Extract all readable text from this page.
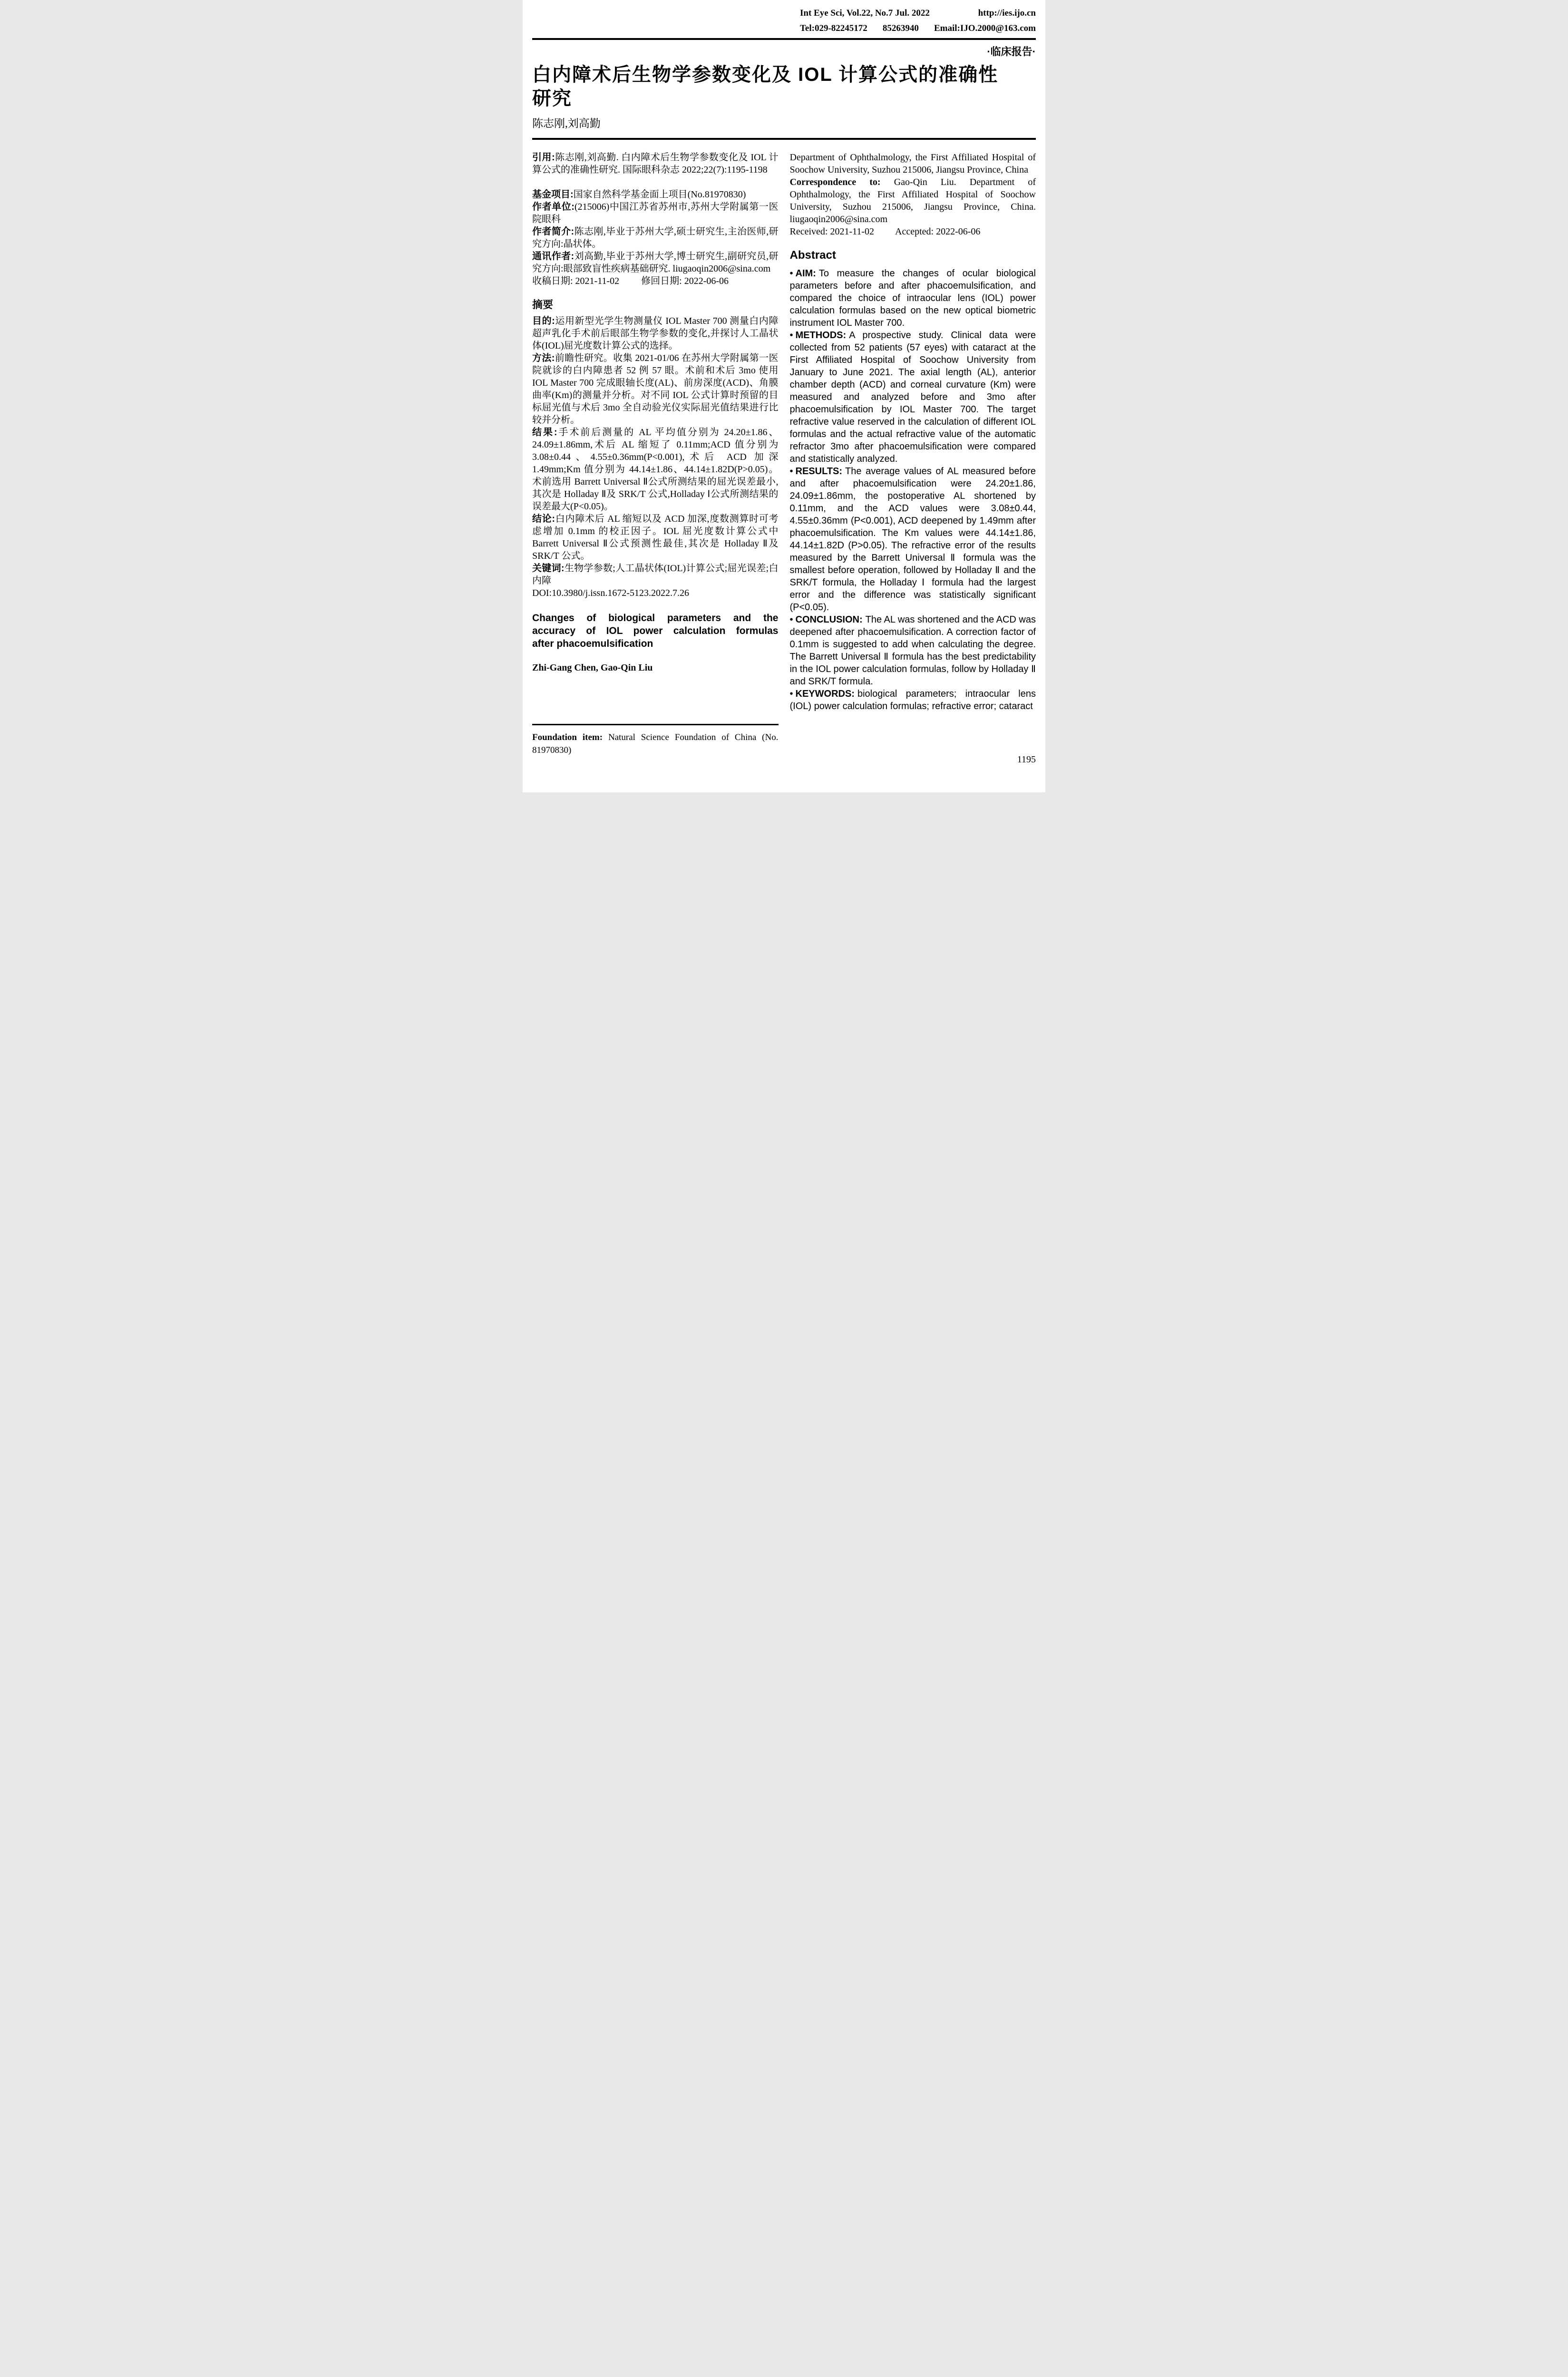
Int Eye Sci, Vol.22, No.7 Jul. 2022	http://ies.ijo.cn
Tel:029-82245172 85263940 Email:IJO.2000@163.com
·临床报告·
白内障术后生物学参数变化及 IOL 计算公式的准确性
研究
陈志刚,刘高勤

引用:陈志刚,刘高勤. 白内障术后生物学参数变化及 IOL 计算公式的准确性研究. 国际眼科杂志 2022;22(7):1195-1198

基金项目:国家自然科学基金面上项目(No.81970830)

作者单位:(215006)中国江苏省苏州市,苏州大学附属第一医院眼科

作者简介:陈志刚,毕业于苏州大学,硕士研究生,主治医师,研究方向:晶状体。

通讯作者:刘高勤,毕业于苏州大学,博士研究生,副研究员,研究方向:眼部致盲性疾病基础研究. liugaoqin2006@sina.com

收稿日期: 2021-11-02 修回日期: 2022-06-06
摘要

目的:运用新型光学生物测量仪 IOL Master 700 测量白内障超声乳化手术前后眼部生物学参数的变化,并探讨人工晶状体(IOL)屈光度数计算公式的选择。

方法:前瞻性研究。收集 2021-01/06 在苏州大学附属第一医院就诊的白内障患者 52 例 57 眼。术前和术后 3mo 使用 IOL Master 700 完成眼轴长度(AL)、前房深度(ACD)、角膜曲率(Km)的测量并分析。对不同 IOL 公式计算时预留的目标屈光值与术后 3mo 全自动验光仪实际屈光值结果进行比较并分析。

结果:手术前后测量的 AL 平均值分别为 24.20±1.86、24.09±1.86mm,术后 AL 缩短了 0.11mm;ACD 值分别为 3.08±0.44、4.55±0.36mm(P<0.001),术后 ACD 加深 1.49mm;Km 值分别为 44.14±1.86、44.14±1.82D(P>0.05)。术前选用 Barrett Universal Ⅱ公式所测结果的屈光误差最小,其次是 Holladay Ⅱ及 SRK/T 公式,Holladay Ⅰ公式所测结果的误差最大(P<0.05)。

结论:白内障术后 AL 缩短以及 ACD 加深,度数测算时可考虑增加 0.1mm 的校正因子。IOL 屈光度数计算公式中 Barrett Universal Ⅱ公式预测性最佳,其次是 Holladay Ⅱ及 SRK/T 公式。

关键词:生物学参数;人工晶状体(IOL)计算公式;屈光误差;白内障

DOI:10.3980/j.issn.1672-5123.2022.7.26
Changes of biological parameters and the
accuracy of IOL power calculation formulas
after phacoemulsification
Zhi-Gang Chen, Gao-Qin Liu

Foundation item: Natural Science Foundation of China (No. 81970830)

Department of Ophthalmology, the First Affiliated Hospital of Soochow University, Suzhou 215006, Jiangsu Province, China

Correspondence to: Gao-Qin Liu. Department of Ophthalmology, the First Affiliated Hospital of Soochow University, Suzhou 215006, Jiangsu Province, China. liugaoqin2006@sina.com

Received: 2021-11-02 Accepted: 2022-06-06
Abstract

• AIM: To measure the changes of ocular biological parameters before and after phacoemulsification, and compared the choice of intraocular lens (IOL) power calculation formulas based on the new optical biometric instrument IOL Master 700.

• METHODS: A prospective study. Clinical data were collected from 52 patients (57 eyes) with cataract at the First Affiliated Hospital of Soochow University from January to June 2021. The axial length (AL), anterior chamber depth (ACD) and corneal curvature (Km) were measured and analyzed before and 3mo after phacoemulsification by IOL Master 700. The target refractive value reserved in the calculation of different IOL formulas and the actual refractive value of the automatic refractor 3mo after phacoemulsification were compared and statistically analyzed.

• RESULTS: The average values of AL measured before and after phacoemulsification were 24.20±1.86, 24.09±1.86mm, the postoperative AL shortened by 0.11mm, and the ACD values were 3.08±0.44, 4.55±0.36mm (P<0.001), ACD deepened by 1.49mm after phacoemulsification. The Km values were 44.14±1.86, 44.14±1.82D (P>0.05). The refractive error of the results measured by the Barrett Universal Ⅱ formula was the smallest before operation, followed by Holladay Ⅱ and the SRK/T formula, the Holladay Ⅰ formula had the largest error and the difference was statistically significant (P<0.05).

• CONCLUSION: The AL was shortened and the ACD was deepened after phacoemulsification. A correction factor of 0.1mm is suggested to add when calculating the degree. The Barrett Universal Ⅱ formula has the best predictability in the IOL power calculation formulas, follow by Holladay Ⅱ and SRK/T formula.

• KEYWORDS: biological parameters; intraocular lens (IOL) power calculation formulas; refractive error; cataract

1195
